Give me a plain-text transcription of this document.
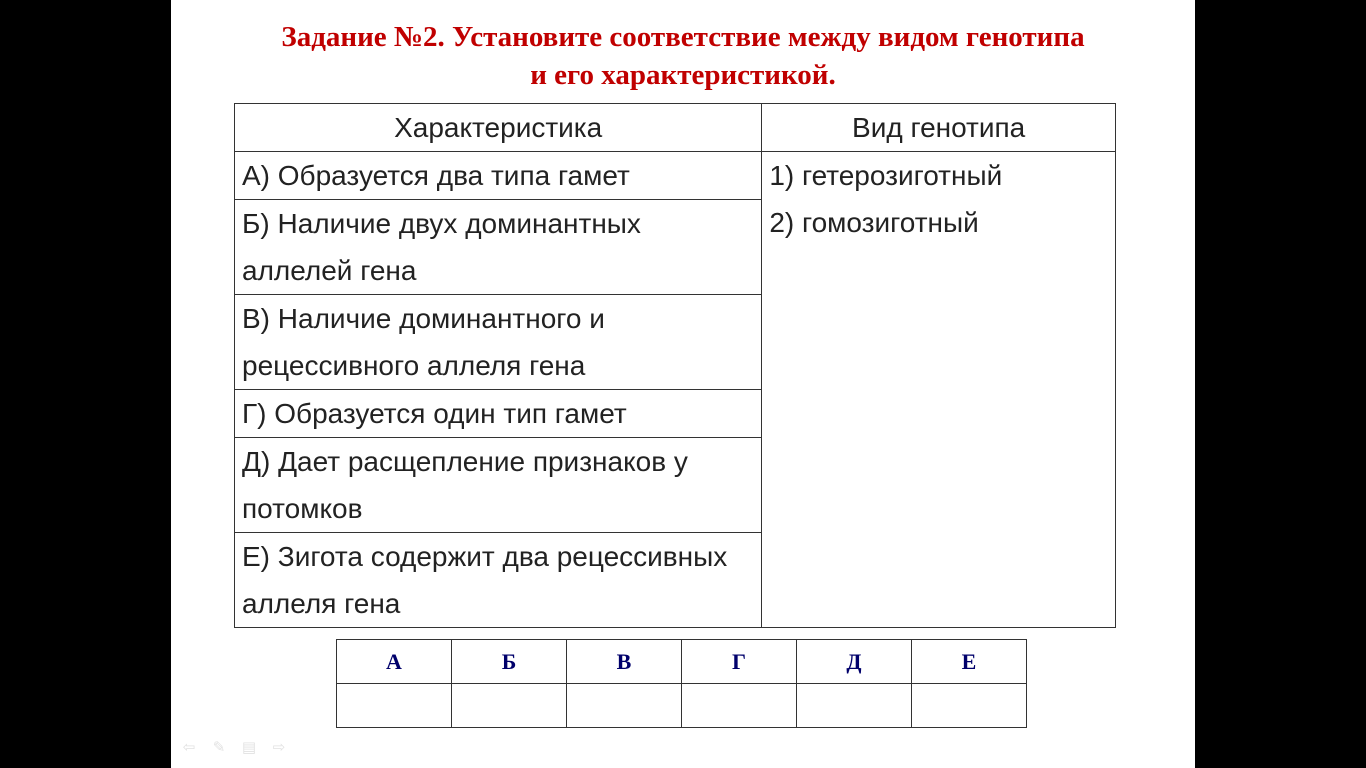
Задание №2. Установите соответствие между видом генотипа
и его характеристикой.
Характеристика	Вид генотипа
А) Образуется два типа гамет	1) гетерозиготный
2) гомозиготный

Б) Наличие двух доминантных аллелей гена	
В) Наличие доминантного и рецессивного аллеля гена	
Г) Образуется один тип гамет	
Д) Дает расщепление признаков у потомков	
Е) Зигота содержит два рецессивных аллеля гена	
А	Б	В	Г	Д	Е

⇦ ✎ ▤ ⇨
